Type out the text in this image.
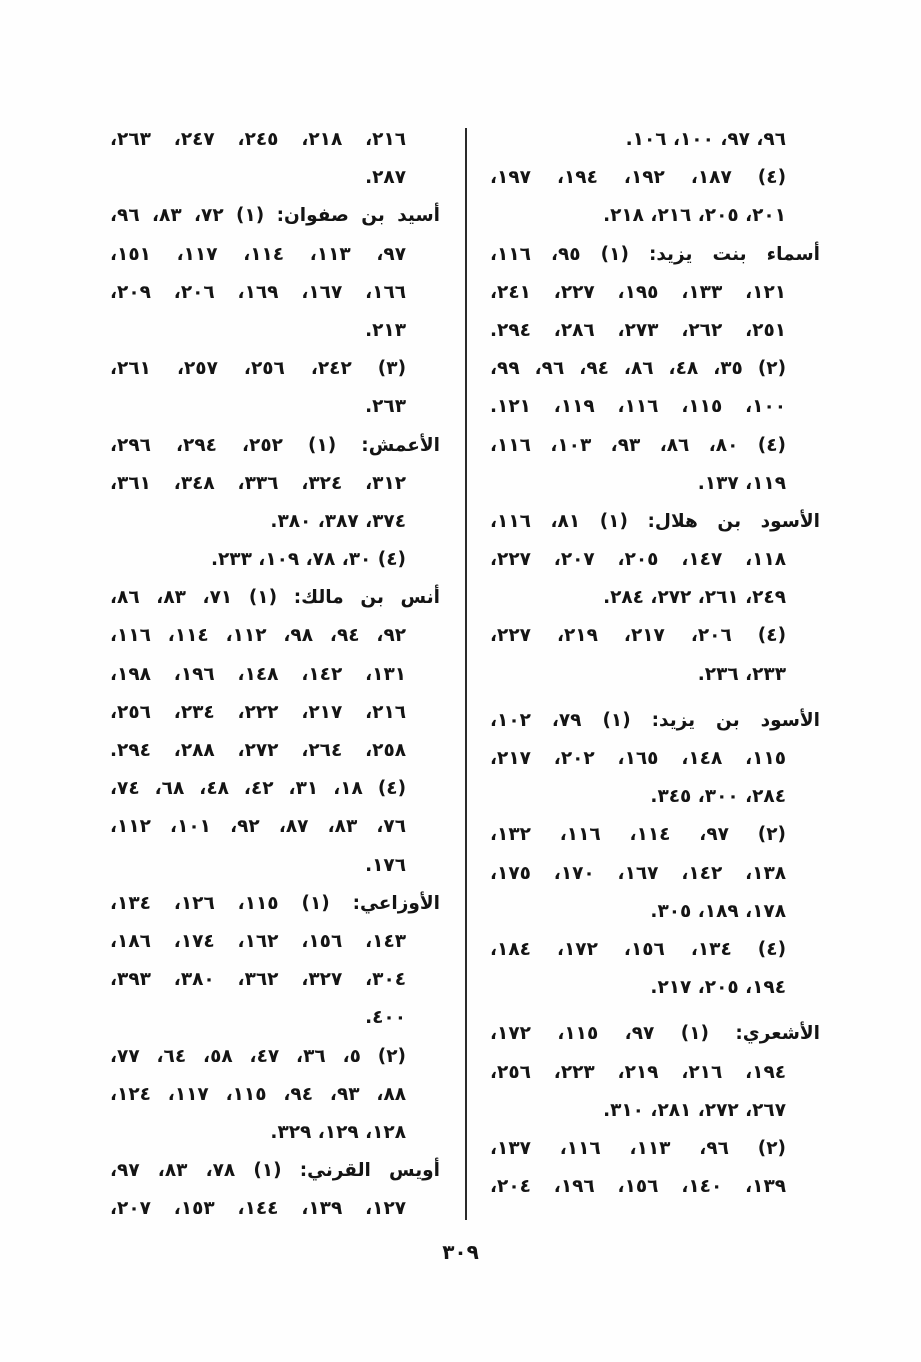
٩٦، ٩٧، ١٠٠، ١٠٦.
(٤) ١٨٧، ١٩٢، ١٩٤، ١٩٧،
٢٠١، ٢٠٥، ٢١٦، ٢١٨.
أسماء بنت يزيد: (١) ٩٥، ١١٦،
١٢١، ١٣٣، ١٩٥، ٢٢٧، ٢٤١،
٢٥١، ٢٦٢، ٢٧٣، ٢٨٦، ٢٩٤.
(٢) ٣٥، ٤٨، ٨٦، ٩٤، ٩٦، ٩٩،
١٠٠، ١١٥، ١١٦، ١١٩، ١٢١.
(٤) ٨٠، ٨٦، ٩٣، ١٠٣، ١١٦،
١١٩، ١٣٧.
الأسود بن هلال: (١) ٨١، ١١٦،
١١٨، ١٤٧، ٢٠٥، ٢٠٧، ٢٢٧،
٢٤٩، ٢٦١، ٢٧٢، ٢٨٤.
(٤) ٢٠٦، ٢١٧، ٢١٩، ٢٢٧،
٢٣٣، ٢٣٦.
الأسود بن يزيد: (١) ٧٩، ١٠٢،
١١٥، ١٤٨، ١٦٥، ٢٠٢، ٢١٧،
٢٨٤، ٣٠٠، ٣٤٥.
(٢) ٩٧، ١١٤، ١١٦، ١٣٢،
١٣٨، ١٤٢، ١٦٧، ١٧٠، ١٧٥،
١٧٨، ١٨٩، ٣٠٥.
(٤) ١٣٤، ١٥٦، ١٧٢، ١٨٤،
١٩٤، ٢٠٥، ٢١٧.
الأشعري: (١) ٩٧، ١١٥، ١٧٢،
١٩٤، ٢١٦، ٢١٩، ٢٢٣، ٢٥٦،
٢٦٧، ٢٧٢، ٢٨١، ٣١٠.
(٢) ٩٦، ١١٣، ١١٦، ١٣٧،
١٣٩، ١٤٠، ١٥٦، ١٩٦، ٢٠٤،
٢١٦، ٢١٨، ٢٤٥، ٢٤٧، ٢٦٣،
٢٨٧.
أسيد بن صفوان: (١) ٧٢، ٨٣، ٩٦،
٩٧، ١١٣، ١١٤، ١١٧، ١٥١،
١٦٦، ١٦٧، ١٦٩، ٢٠٦، ٢٠٩،
٢١٣.
(٣) ٢٤٢، ٢٥٦، ٢٥٧، ٢٦١،
٢٦٣.
الأعمش: (١) ٢٥٢، ٢٩٤، ٢٩٦،
٣١٢، ٣٢٤، ٣٣٦، ٣٤٨، ٣٦١،
٣٧٤، ٣٨٧، ٣٨٠.
(٤) ٣٠، ٧٨، ١٠٩، ٢٣٣.
أنس بن مالك: (١) ٧١، ٨٣، ٨٦،
٩٢، ٩٤، ٩٨، ١١٢، ١١٤، ١١٦،
١٣١، ١٤٢، ١٤٨، ١٩٦، ١٩٨،
٢١٦، ٢١٧، ٢٢٢، ٢٣٤، ٢٥٦،
٢٥٨، ٢٦٤، ٢٧٢، ٢٨٨، ٢٩٤.
(٤) ١٨، ٣١، ٤٢، ٤٨، ٦٨، ٧٤،
٧٦، ٨٣، ٨٧، ٩٢، ١٠١، ١١٢،
١٧٦.
الأوزاعي: (١) ١١٥، ١٢٦، ١٣٤،
١٤٣، ١٥٦، ١٦٢، ١٧٤، ١٨٦،
٣٠٤، ٣٢٧، ٣٦٢، ٣٨٠، ٣٩٣،
٤٠٠.
(٢) ٥، ٣٦، ٤٧، ٥٨، ٦٤، ٧٧،
٨٨، ٩٣، ٩٤، ١١٥، ١١٧، ١٢٤،
١٢٨، ١٢٩، ٣٢٩.
أويس القرني: (١) ٧٨، ٨٣، ٩٧،
١٢٧، ١٣٩، ١٤٤، ١٥٣، ٢٠٧،
٣٠٩
